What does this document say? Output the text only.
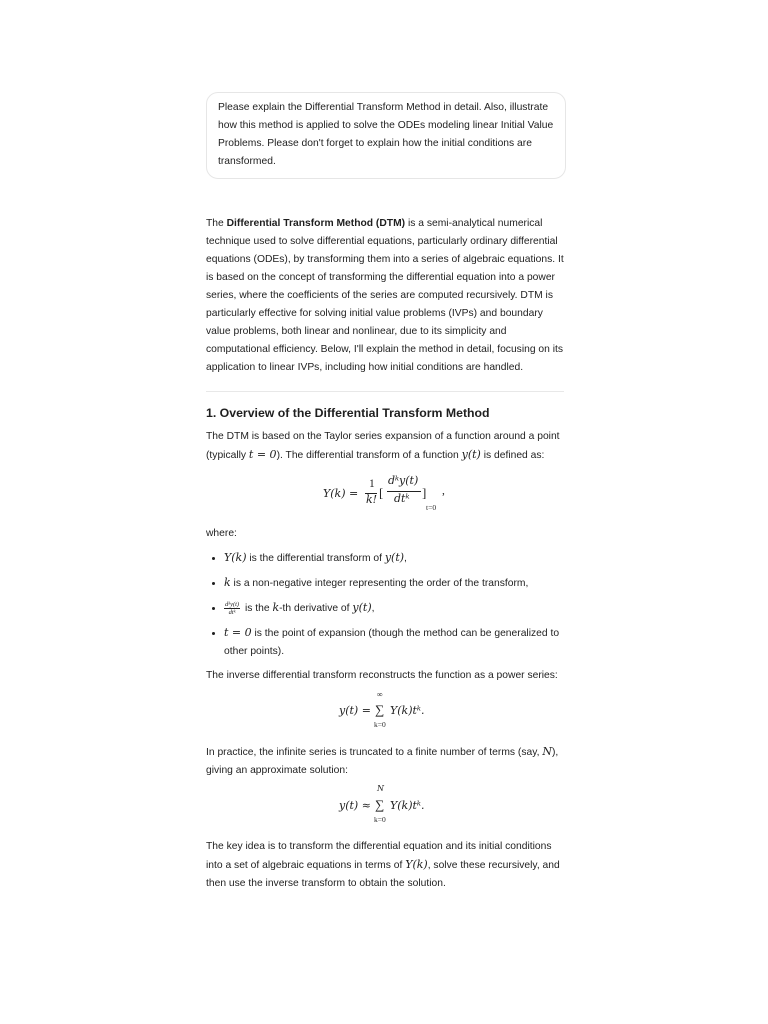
Please explain the Differential Transform Method in detail. Also, illustrate how this method is applied to solve the ODEs modeling linear Initial Value Problems. Please don't forget to explain how the initial conditions are transformed.

The Differential Transform Method (DTM) is a semi-analytical numerical technique used to solve differential equations, particularly ordinary differential equations (ODEs), by transforming them into a series of algebraic equations. It is based on the concept of transforming the differential equation into a power series, where the coefficients of the series are computed recursively. DTM is particularly effective for solving initial value problems (IVPs) and boundary value problems, both linear and nonlinear, due to its simplicity and computational efficiency. Below, I'll explain the method in detail, focusing on its application to linear IVPs, including how initial conditions are handled.

1. Overview of the Differential Transform Method

The DTM is based on the Taylor series expansion of a function around a point (typically t = 0). The differential transform of a function y(t) is defined as:

Y(k) =
1
k! [
dᵏy(t)
dtᵏ ]
t=0
,

where:

• Y(k) is the differential transform of y(t),
• k is a non-negative integer representing the order of the transform,
• $\frac{\text{dᵏy(t)}}{\text{dtᵏ}}$ is the k-th derivative of y(t),
• t = 0 is the point of expansion (though the method can be generalized to other points).

The inverse differential transform reconstructs the function as a power series:

y(t) =
∞
∑
k=0
Y(k)tᵏ.

In practice, the infinite series is truncated to a finite number of terms (say, N), giving an approximate solution:

y(t) ≈
N
∑
k=0
Y(k)tᵏ.

The key idea is to transform the differential equation and its initial conditions into a set of algebraic equations in terms of Y(k), solve these recursively, and then use the inverse transform to obtain the solution.
